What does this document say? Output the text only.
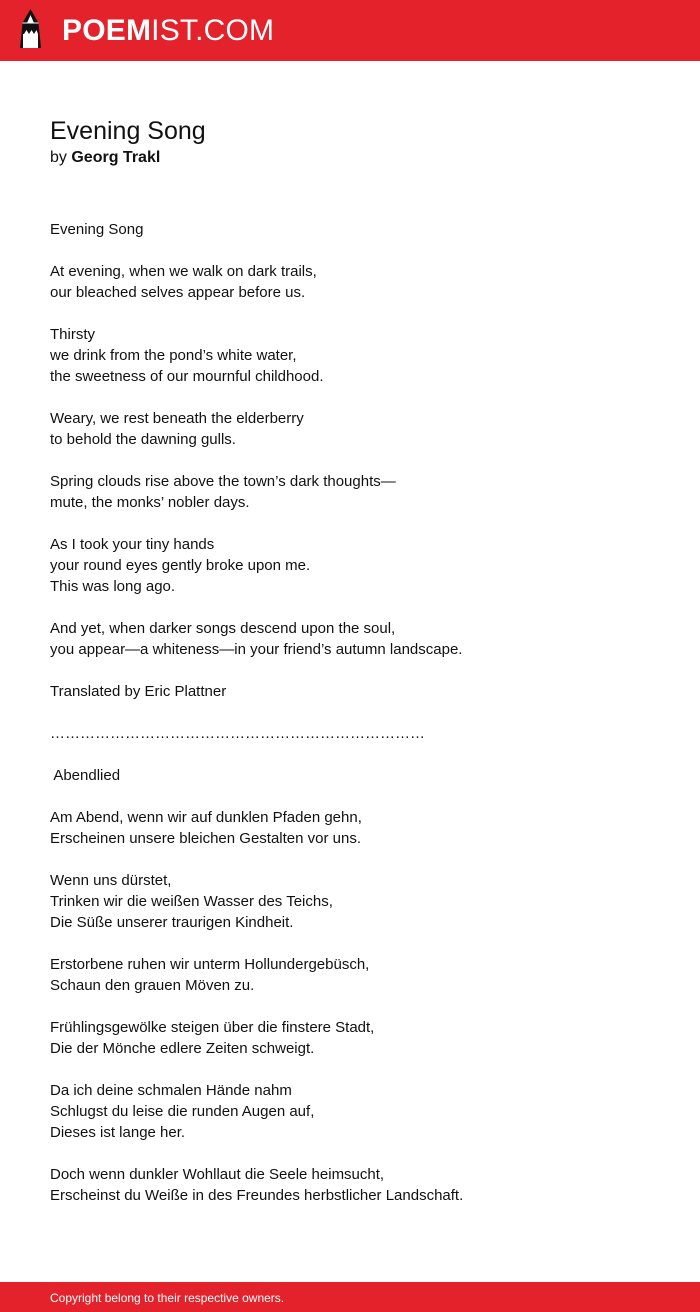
POEMIST.COM
Evening Song
by Georg Trakl
Evening Song

At evening, when we walk on dark trails,
our bleached selves appear before us.

Thirsty
we drink from the pond’s white water,
the sweetness of our mournful childhood.

Weary, we rest beneath the elderberry
to behold the dawning gulls.

Spring clouds rise above the town’s dark thoughts—
mute, the monks’ nobler days.

As I took your tiny hands
your round eyes gently broke upon me.
This was long ago.

And yet, when darker songs descend upon the soul,
you appear—a whiteness—in your friend’s autumn landscape.

Translated by Eric Plattner

…………………………………………………………………

Abendlied

Am Abend, wenn wir auf dunklen Pfaden gehn,
Erscheinen unsere bleichen Gestalten vor uns.

Wenn uns dürstet,
Trinken wir die weißen Wasser des Teichs,
Die Süße unserer traurigen Kindheit.

Erstorbene ruhen wir unterm Hollundergebüsch,
Schaun den grauen Möven zu.

Frühlingsgewölke steigen über die finstere Stadt,
Die der Mönche edlere Zeiten schweigt.

Da ich deine schmalen Hände nahm
Schlugst du leise die runden Augen auf,
Dieses ist lange her.

Doch wenn dunkler Wohllaut die Seele heimsucht,
Erscheinst du Weiße in des Freundes herbstlicher Landschaft.
Copyright belong to their respective owners.
